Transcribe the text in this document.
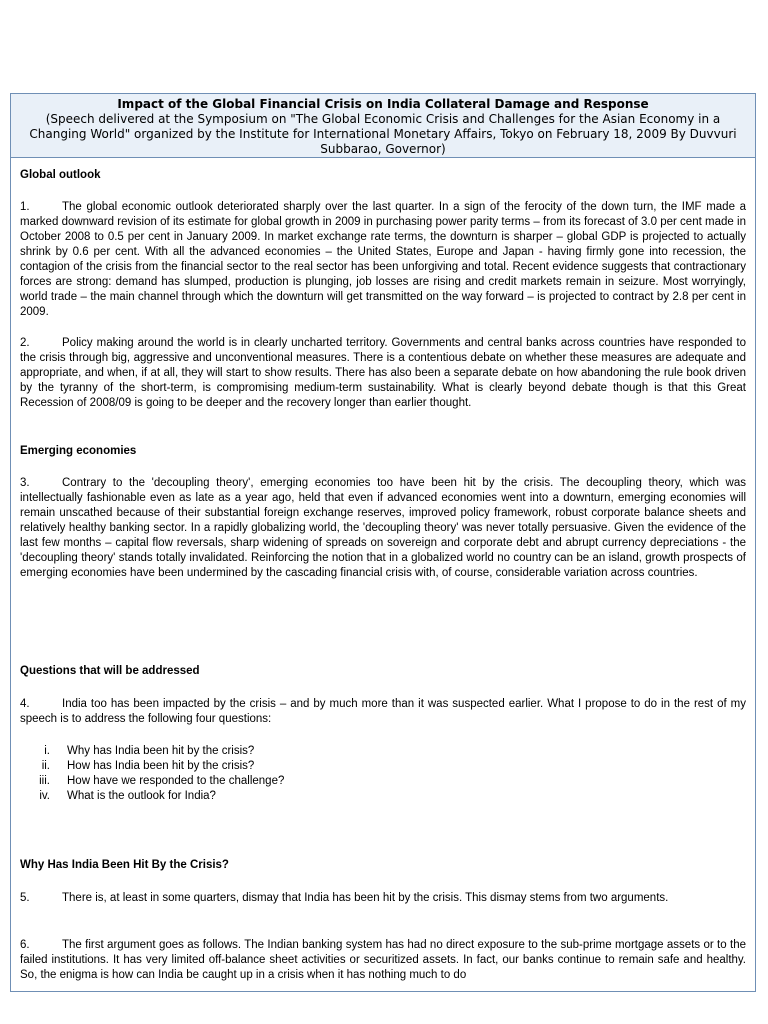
Impact of the Global Financial Crisis on India Collateral Damage and Response
(Speech delivered at the Symposium on "The Global Economic Crisis and Challenges for the Asian Economy in a Changing World" organized by the Institute for International Monetary Affairs, Tokyo on February 18, 2009 By Duvvuri Subbarao, Governor)
Global outlook

1.	The global economic outlook deteriorated sharply over the last quarter. In a sign of the ferocity of the down turn, the IMF made a marked downward revision of its estimate for global growth in 2009 in purchasing power parity terms – from its forecast of 3.0 per cent made in October 2008 to 0.5 per cent in January 2009. In market exchange rate terms, the downturn is sharper – global GDP is projected to actually shrink by 0.6 per cent. With all the advanced economies – the United States, Europe and Japan - having firmly gone into recession, the contagion of the crisis from the financial sector to the real sector has been unforgiving and total. Recent evidence suggests that contractionary forces are strong: demand has slumped, production is plunging, job losses are rising and credit markets remain in seizure. Most worryingly, world trade – the main channel through which the downturn will get transmitted on the way forward – is projected to contract by 2.8 per cent in 2009.

2.	Policy making around the world is in clearly uncharted territory. Governments and central banks across countries have responded to the crisis through big, aggressive and unconventional measures. There is a contentious debate on whether these measures are adequate and appropriate, and when, if at all, they will start to show results. There has also been a separate debate on how abandoning the rule book driven by the tyranny of the short-term, is compromising medium-term sustainability. What is clearly beyond debate though is that this Great Recession of 2008/09 is going to be deeper and the recovery longer than earlier thought.

Emerging economies

3.	Contrary to the 'decoupling theory', emerging economies too have been hit by the crisis. The decoupling theory, which was intellectually fashionable even as late as a year ago, held that even if advanced economies went into a downturn, emerging economies will remain unscathed because of their substantial foreign exchange reserves, improved policy framework, robust corporate balance sheets and relatively healthy banking sector. In a rapidly globalizing world, the 'decoupling theory' was never totally persuasive. Given the evidence of the last few months – capital flow reversals, sharp widening of spreads on sovereign and corporate debt and abrupt currency depreciations - the 'decoupling theory' stands totally invalidated. Reinforcing the notion that in a globalized world no country can be an island, growth prospects of emerging economies have been undermined by the cascading financial crisis with, of course, considerable variation across countries.

Questions that will be addressed

4.	India too has been impacted by the crisis – and by much more than it was suspected earlier. What I propose to do in the rest of my speech is to address the following four questions:

i. Why has India been hit by the crisis?
ii. How has India been hit by the crisis?
iii. How have we responded to the challenge?
iv. What is the outlook for India?
Why Has India Been Hit By the Crisis?

5.	There is, at least in some quarters, dismay that India has been hit by the crisis. This dismay stems from two arguments.

6.	The first argument goes as follows. The Indian banking system has had no direct exposure to the sub-prime mortgage assets or to the failed institutions. It has very limited off-balance sheet activities or securitized assets. In fact, our banks continue to remain safe and healthy. So, the enigma is how can India be caught up in a crisis when it has nothing much to do
